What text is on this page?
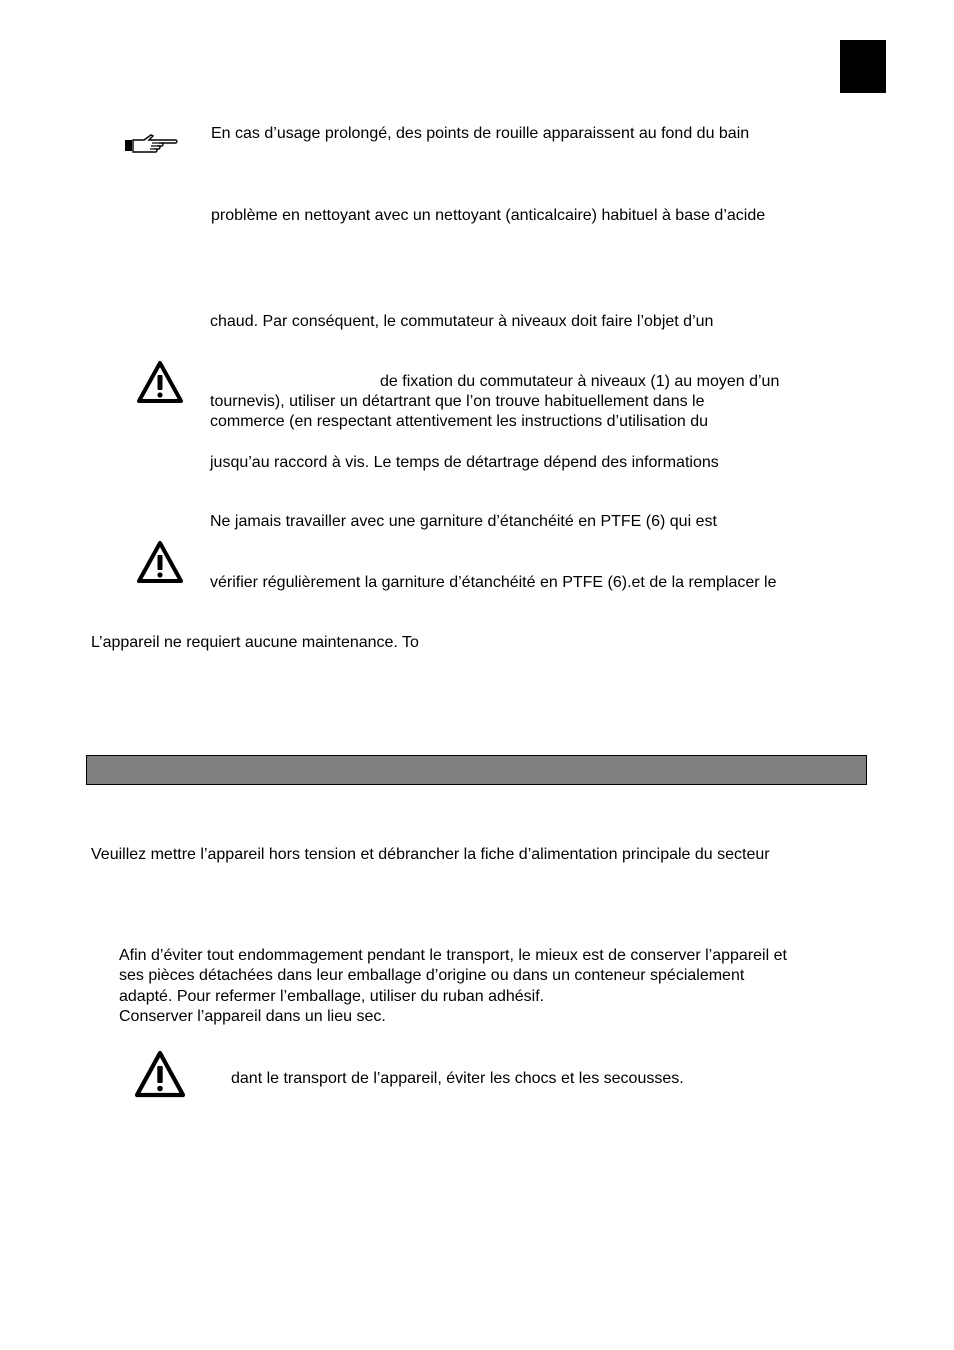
En cas d’usage prolongé, des points de rouille apparaissent au fond du bain
problème en nettoyant avec un nettoyant (anticalcaire) habituel à base d’acide
chaud. Par conséquent, le commutateur à niveaux doit faire l’objet d’un
de fixation du commutateur à niveaux (1) au moyen d’un
tournevis), utiliser un détartrant que l’on trouve habituellement dans le
commerce (en respectant attentivement les instructions d’utilisation du
jusqu’au raccord à vis. Le temps de détartrage dépend des informations
Ne jamais travailler avec une garniture d’étanchéité en PTFE (6) qui est
vérifier régulièrement la garniture d’étanchéité en PTFE (6).et de la remplacer le
L’appareil ne requiert aucune maintenance. To
Veuillez mettre l’appareil hors tension et débrancher la fiche d’alimentation principale du secteur
Afin d’éviter tout endommagement pendant le transport, le mieux est de conserver l’appareil et
ses pièces détachées dans leur emballage d’origine ou dans un conteneur spécialement
adapté. Pour refermer l’emballage, utiliser du ruban adhésif.
Conserver l’appareil dans un lieu sec.
dant le transport de l’appareil, éviter les chocs et les secousses.
